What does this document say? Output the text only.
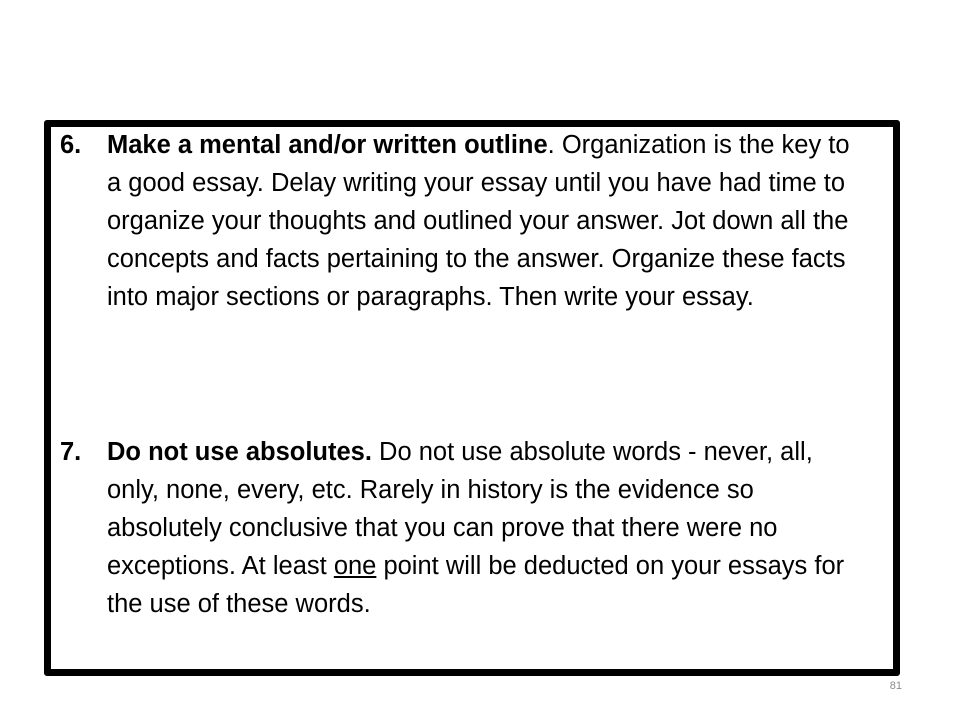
6. Make a mental and/or written outline. Organization is the key to a good essay. Delay writing your essay until you have had time to organize your thoughts and outlined your answer. Jot down all the concepts and facts pertaining to the answer. Organize these facts into major sections or paragraphs. Then write your essay.
7. Do not use absolutes. Do not use absolute words - never, all, only, none, every, etc. Rarely in history is the evidence so absolutely conclusive that you can prove that there were no exceptions. At least one point will be deducted on your essays for the use of these words.
81
